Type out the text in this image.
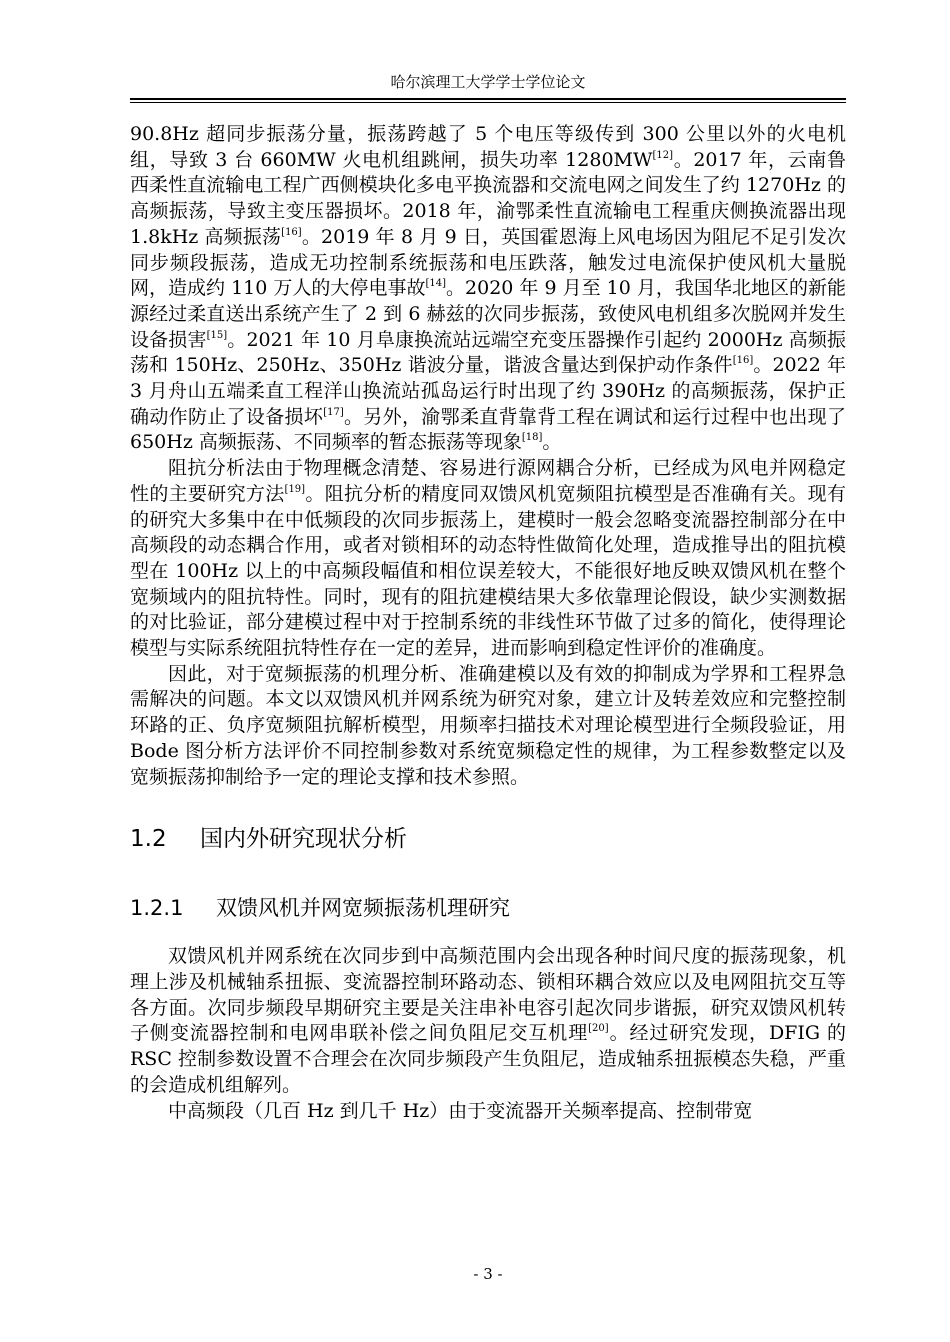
哈尔滨理工大学学士学位论文

90.8Hz 超同步振荡分量，振荡跨越了 5 个电压等级传到 300 公里以外的火电机组，导致 3 台 660MW 火电机组跳闸，损失功率 1280MW[12]。2017 年，云南鲁西柔性直流输电工程广西侧模块化多电平换流器和交流电网之间发生了约 1270Hz 的高频振荡，导致主变压器损坏。2018 年，渝鄂柔性直流输电工程重庆侧换流器出现 1.8kHz 高频振荡[16]。2019 年 8 月 9 日，英国霍恩海上风电场因为阻尼不足引发次同步频段振荡，造成无功控制系统振荡和电压跌落，触发过电流保护使风机大量脱网，造成约 110 万人的大停电事故[14]。2020 年 9 月至 10 月，我国华北地区的新能源经过柔直送出系统产生了 2 到 6 赫兹的次同步振荡，致使风电机组多次脱网并发生设备损害[15]。2021 年 10 月阜康换流站远端空充变压器操作引起约 2000Hz 高频振荡和 150Hz、250Hz、350Hz 谐波分量，谐波含量达到保护动作条件[16]。2022 年 3 月舟山五端柔直工程洋山换流站孤岛运行时出现了约 390Hz 的高频振荡，保护正确动作防止了设备损坏[17]。另外，渝鄂柔直背靠背工程在调试和运行过程中也出现了 650Hz 高频振荡、不同频率的暂态振荡等现象[18]。

阻抗分析法由于物理概念清楚、容易进行源网耦合分析，已经成为风电并网稳定性的主要研究方法[19]。阻抗分析的精度同双馈风机宽频阻抗模型是否准确有关。现有的研究大多集中在中低频段的次同步振荡上，建模时一般会忽略变流器控制部分在中高频段的动态耦合作用，或者对锁相环的动态特性做简化处理，造成推导出的阻抗模型在 100Hz 以上的中高频段幅值和相位误差较大，不能很好地反映双馈风机在整个宽频域内的阻抗特性。同时，现有的阻抗建模结果大多依靠理论假设，缺少实测数据的对比验证，部分建模过程中对于控制系统的非线性环节做了过多的简化，使得理论模型与实际系统阻抗特性存在一定的差异，进而影响到稳定性评价的准确度。

因此，对于宽频振荡的机理分析、准确建模以及有效的抑制成为学界和工程界急需解决的问题。本文以双馈风机并网系统为研究对象，建立计及转差效应和完整控制环路的正、负序宽频阻抗解析模型，用频率扫描技术对理论模型进行全频段验证，用 Bode 图分析方法评价不同控制参数对系统宽频稳定性的规律，为工程参数整定以及宽频振荡抑制给予一定的理论支撑和技术参照。

1.2 国内外研究现状分析
1.2.1 双馈风机并网宽频振荡机理研究

双馈风机并网系统在次同步到中高频范围内会出现各种时间尺度的振荡现象，机理上涉及机械轴系扭振、变流器控制环路动态、锁相环耦合效应以及电网阻抗交互等各方面。次同步频段早期研究主要是关注串补电容引起次同步谐振，研究双馈风机转子侧变流器控制和电网串联补偿之间负阻尼交互机理[20]。经过研究发现，DFIG 的 RSC 控制参数设置不合理会在次同步频段产生负阻尼，造成轴系扭振模态失稳，严重的会造成机组解列。

中高频段（几百 Hz 到几千 Hz）由于变流器开关频率提高、控制带宽

- 3 -
